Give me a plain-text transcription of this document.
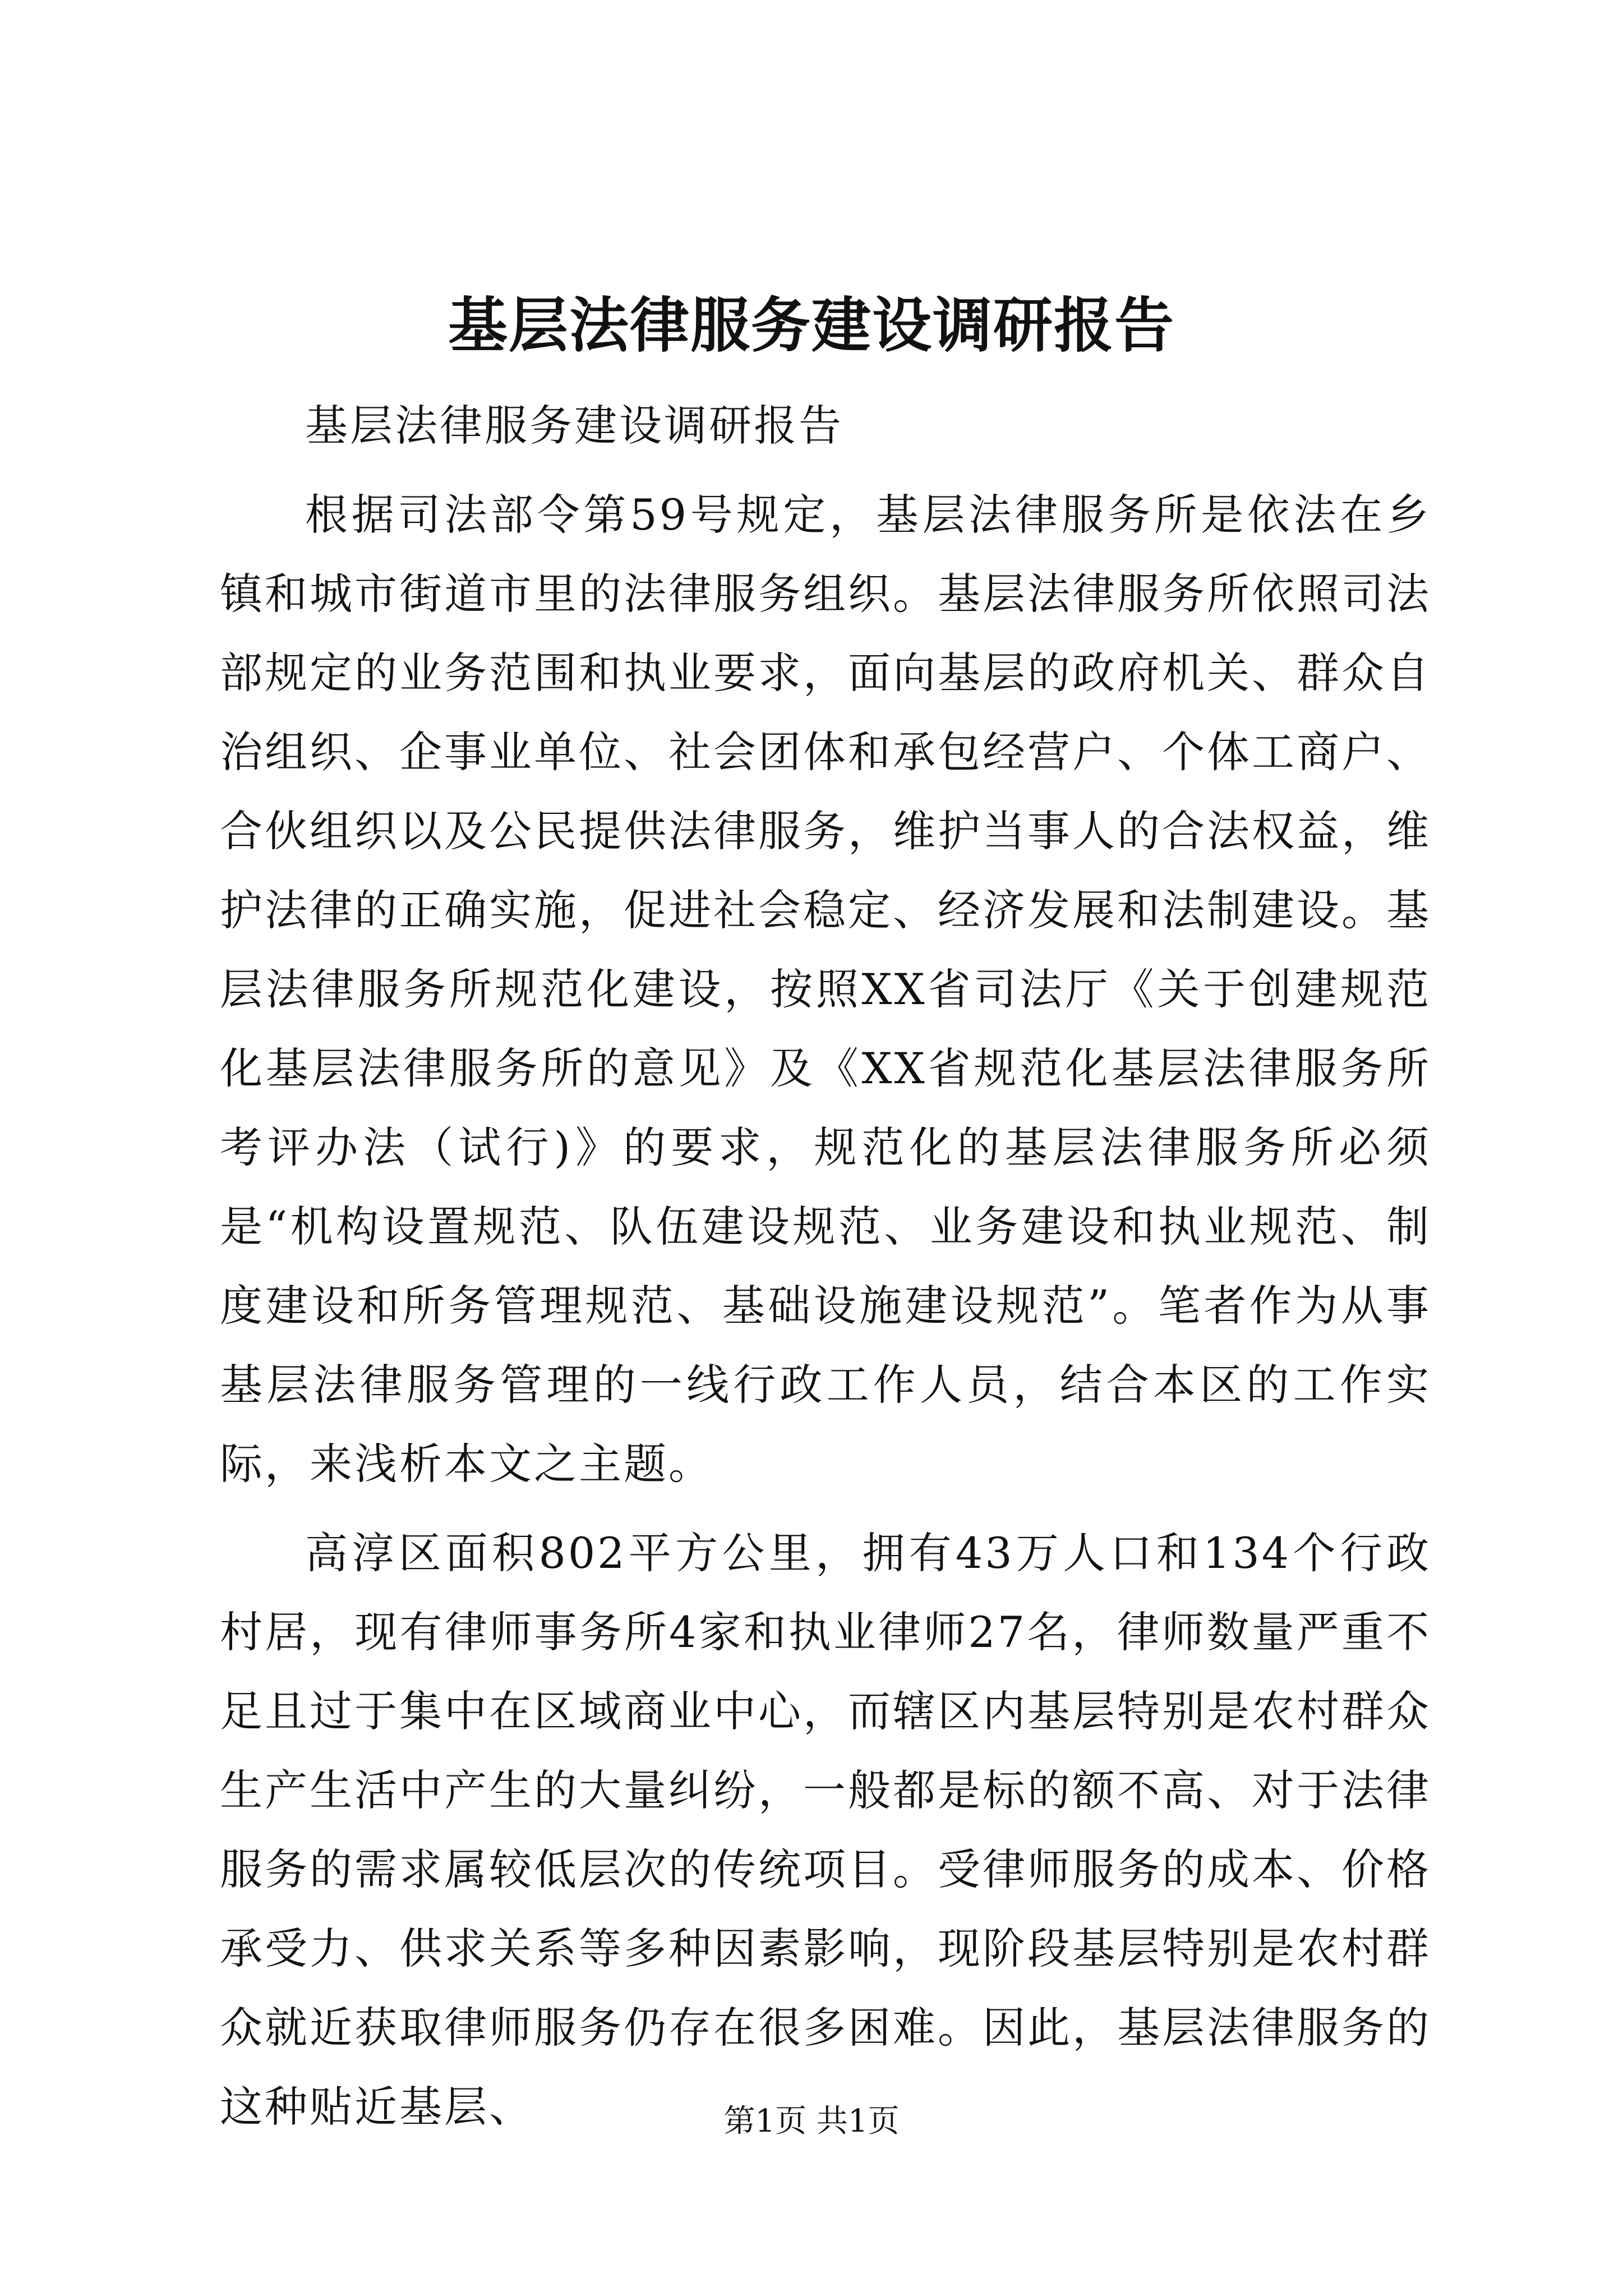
基层法律服务建设调研报告

基层法律服务建设调研报告

根据司法部令第59号规定，基层法律服务所是依法在乡镇和城市街道市里的法律服务组织。基层法律服务所依照司法部规定的业务范围和执业要求，面向基层的政府机关、群众自治组织、企事业单位、社会团体和承包经营户、个体工商户、合伙组织以及公民提供法律服务，维护当事人的合法权益，维护法律的正确实施，促进社会稳定、经济发展和法制建设。基层法律服务所规范化建设，按照XX省司法厅《关于创建规范化基层法律服务所的意见》及《XX省规范化基层法律服务所考评办法（试行)》的要求，规范化的基层法律服务所必须是“机构设置规范、队伍建设规范、业务建设和执业规范、制度建设和所务管理规范、基础设施建设规范”。笔者作为从事基层法律服务管理的一线行政工作人员，结合本区的工作实际，来浅析本文之主题。

高淳区面积802平方公里，拥有43万人口和134个行政村居，现有律师事务所4家和执业律师27名，律师数量严重不足且过于集中在区域商业中心，而辖区内基层特别是农村群众生产生活中产生的大量纠纷，一般都是标的额不高、对于法律服务的需求属较低层次的传统项目。受律师服务的成本、价格承受力、供求关系等多种因素影响，现阶段基层特别是农村群众就近获取律师服务仍存在很多困难。因此，基层法律服务的这种贴近基层、	第1页 共1页
